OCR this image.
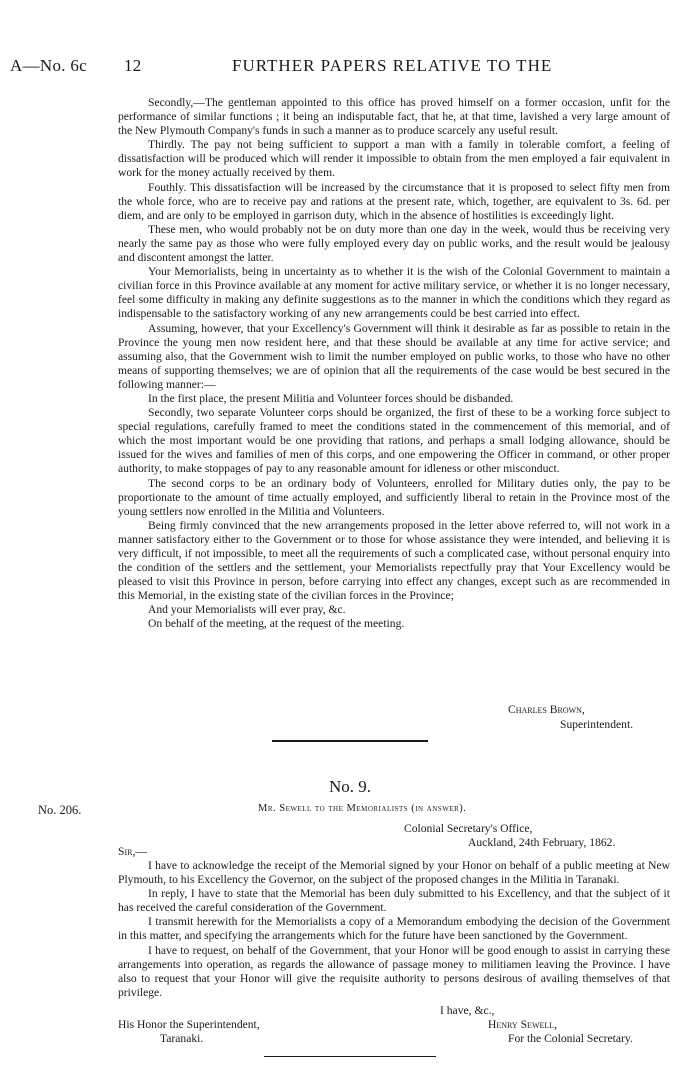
A—No. 6c 12	FURTHER PAPERS RELATIVE TO THE

Secondly,—The gentleman appointed to this office has proved himself on a former occasion, unfit for the performance of similar functions ; it being an indisputable fact, that he, at that time, lavished a very large amount of the New Plymouth Company's funds in such a manner as to produce scarcely any useful result.

Thirdly. The pay not being sufficient to support a man with a family in tolerable comfort, a feeling of dissatisfaction will be produced which will render it impossible to obtain from the men employed a fair equivalent in work for the money actually received by them.

Fouthly. This dissatisfaction will be increased by the circumstance that it is proposed to select fifty men from the whole force, who are to receive pay and rations at the present rate, which, together, are equivalent to 3s. 6d. per diem, and are only to be employed in garrison duty, which in the absence of hostilities is exceedingly light.

These men, who would probably not be on duty more than one day in the week, would thus be receiving very nearly the same pay as those who were fully employed every day on public works, and the result would be jealousy and discontent amongst the latter.

Your Memorialists, being in uncertainty as to whether it is the wish of the Colonial Government to maintain a civilian force in this Province available at any moment for active military service, or whether it is no longer necessary, feel some difficulty in making any definite suggestions as to the manner in which the conditions which they regard as indispensable to the satisfactory working of any new arrangements could be best carried into effect.

Assuming, however, that your Excellency's Government will think it desirable as far as possible to retain in the Province the young men now resident here, and that these should be available at any time for active service; and assuming also, that the Government wish to limit the number employed on public works, to those who have no other means of supporting themselves; we are of opinion that all the requirements of the case would be best secured in the following manner:—

In the first place, the present Militia and Volunteer forces should be disbanded.

Secondly, two separate Volunteer corps should be organized, the first of these to be a working force subject to special regulations, carefully framed to meet the conditions stated in the commencement of this memorial, and of which the most important would be one providing that rations, and perhaps a small lodging allowance, should be issued for the wives and families of men of this corps, and one empowering the Officer in command, or other proper authority, to make stoppages of pay to any reasonable amount for idleness or other misconduct.

The second corps to be an ordinary body of Volunteers, enrolled for Military duties only, the pay to be proportionate to the amount of time actually employed, and sufficiently liberal to retain in the Province most of the young settlers now enrolled in the Militia and Volunteers.

Being firmly convinced that the new arrangements proposed in the letter above referred to, will not work in a manner satisfactory either to the Government or to those for whose assistance they were intended, and believing it is very difficult, if not impossible, to meet all the requirements of such a complicated case, without personal enquiry into the condition of the settlers and the settlement, your Memorialists repectfully pray that Your Excellency would be pleased to visit this Province in person, before carrying into effect any changes, except such as are recommended in this Memorial, in the existing state of the civilian forces in the Province;

And your Memorialists will ever pray, &c.

On behalf of the meeting, at the request of the meeting.

Charles Brown,
Superintendent.
No. 9.
No. 206.	Mr. Sewell to the Memorialists (in answer).
Colonial Secretary's Office,
Auckland, 24th February, 1862.
Sir,—

I have to acknowledge the receipt of the Memorial signed by your Honor on behalf of a public meeting at New Plymouth, to his Excellency the Governor, on the subject of the proposed changes in the Militia in Taranaki.

In reply, I have to state that the Memorial has been duly submitted to his Excellency, and that the subject of it has received the careful consideration of the Government.

I transmit herewith for the Memorialists a copy of a Memorandum embodying the decision of the Government in this matter, and specifying the arrangements which for the future have been sanctioned by the Government.

I have to request, on behalf of the Government, that your Honor will be good enough to assist in carrying these arrangements into operation, as regards the allowance of passage money to militiamen leaving the Province. I have also to request that your Honor will give the requisite authority to persons desirous of availing themselves of that privilege.

I have, &c.,
His Honor the Superintendent,
Taranaki.
Henry Sewell,
For the Colonial Secretary.
